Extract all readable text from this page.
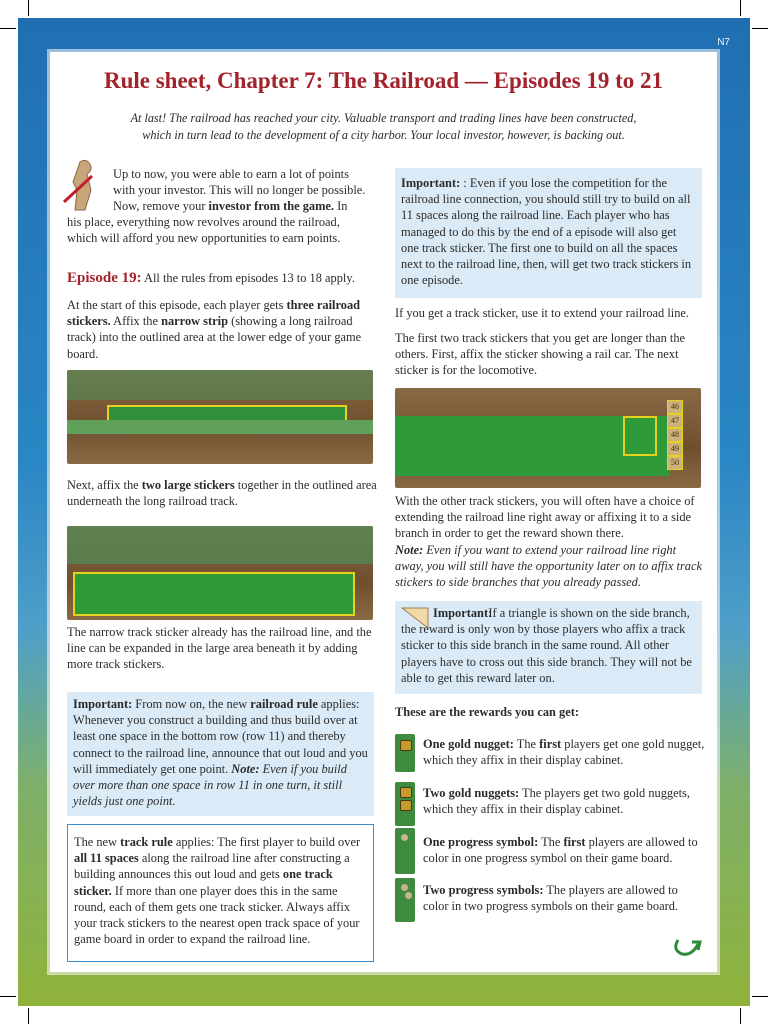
N7
Rule sheet, Chapter 7: The Railroad — Episodes 19 to 21
At last! The railroad has reached your city. Valuable transport and trading lines have been constructed, which in turn lead to the development of a city harbor. Your local investor, however, is backing out.
Up to now, you were able to earn a lot of points
with your investor. This will no longer be possible.
Now, remove your investor from the game. In
his place, everything now revolves around the railroad,
which will afford you new opportunities to earn points.
Episode 19: All the rules from episodes 13 to 18 apply.
At the start of this episode, each player gets three railroad stickers. Affix the narrow strip (showing a long railroad track) into the outlined area at the lower edge of your game board.
Next, affix the two large stickers together in the outlined area underneath the long railroad track.
The narrow track sticker already has the railroad line, and the line can be expanded in the large area beneath it by adding more track stickers.
Important: From now on, the new railroad rule applies: Whenever you construct a building and thus build over at least one space in the bottom row (row 11) and thereby connect to the railroad line, announce that out loud and you will immediately get one point. Note: Even if you build over more than one space in row 11 in one turn, it still yields just one point.
The new track rule applies: The first player to build over all 11 spaces along the railroad line after constructing a building announces this out loud and gets one track sticker. If more than one player does this in the same round, each of them gets one track sticker. Always affix your track stickers to the nearest open track space of your game board in order to expand the railroad line.
Important: : Even if you lose the competition for the railroad line connection, you should still try to build on all 11 spaces along the railroad line. Each player who has managed to do this by the end of a episode will also get one track sticker. The first one to build on all the spaces next to the railroad line, then, will get two track stickers in one episode.
If you get a track sticker, use it to extend your railroad line.
The first two track stickers that you get are longer than the others. First, affix the sticker showing a rail car. The next sticker is for the locomotive.
46
47
48
49
50
With the other track stickers, you will often have a choice of extending the railroad line right away or affixing it to a side branch in order to get the reward shown there.
Note: Even if you want to extend your railroad line right away, you will still have the opportunity later on to affix track stickers to side branches that you already passed.
Important:
If a triangle is shown on the side branch, the reward is only won by those players who affix a track sticker to this side branch in the same round. All other players have to cross out this side branch. They will not be able to get this reward later on.
These are the rewards you can get:
One gold nugget: The first players get one gold nugget, which they affix in their display cabinet.
Two gold nuggets: The players get two gold nuggets, which they affix in their display cabinet.
One progress symbol: The first players are allowed to color in one progress symbol on their game board.
Two progress symbols: The players are allowed to color in two progress symbols on their game board.
